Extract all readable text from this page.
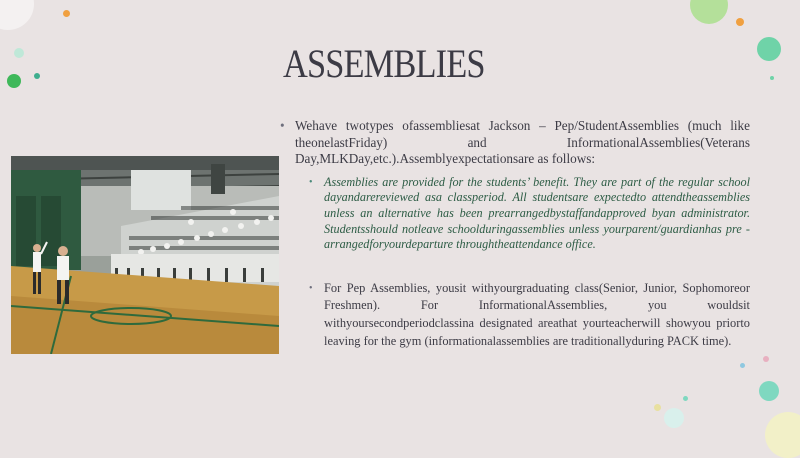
ASSEMBLIES
• Wehave twotypes ofassembliesat Jackson – Pep/StudentAssemblies (much like theonelastFriday) and InformationalAssemblies(Veterans Day,MLKDay,etc.).Assemblyexpectationsare as follows:
• Assemblies are provided for the students’ benefit. They are part of the regular school dayandarereviewed asa classperiod. All studentsare expectedto attendtheassemblies unless an alternative has been prearrangedbystaffandapproved byan administrator. Studentsshould notleave schoolduringassemblies unless yourparent/guardianhas pre - arrangedforyourdeparture throughtheattendance office.
• For Pep Assemblies, yousit withyourgraduating class(Senior, Junior, Sophomoreor Freshmen). For InformationalAssemblies, you wouldsit withyoursecondperiodclassina designated areathat yourteacherwill showyou priorto leaving for the gym (informationalassemblies are traditionallyduring PACK time).
